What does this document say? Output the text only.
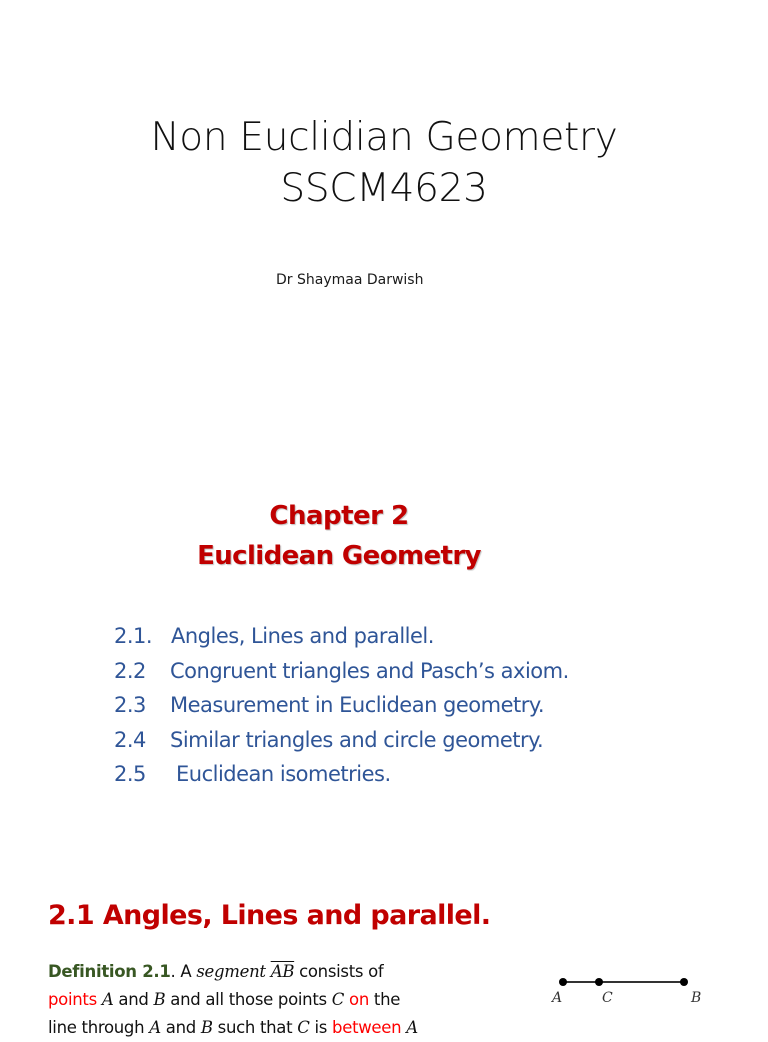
Non Euclidian Geometry
SSCM4623
Dr Shaymaa Darwish
Chapter 2
Euclidean Geometry
2.1. Angles, Lines and parallel.
2.2	Congruent triangles and Pasch’s axiom.
2.3	Measurement in Euclidean geometry.
2.4	Similar triangles and circle geometry.
2.5	Euclidean isometries.
2.1 Angles, Lines and parallel.
Definition 2.1. A segment $\overline{AB}$ consists of
points A and B and all those points C on the
line through A and B such that C is between A
A	C	B
